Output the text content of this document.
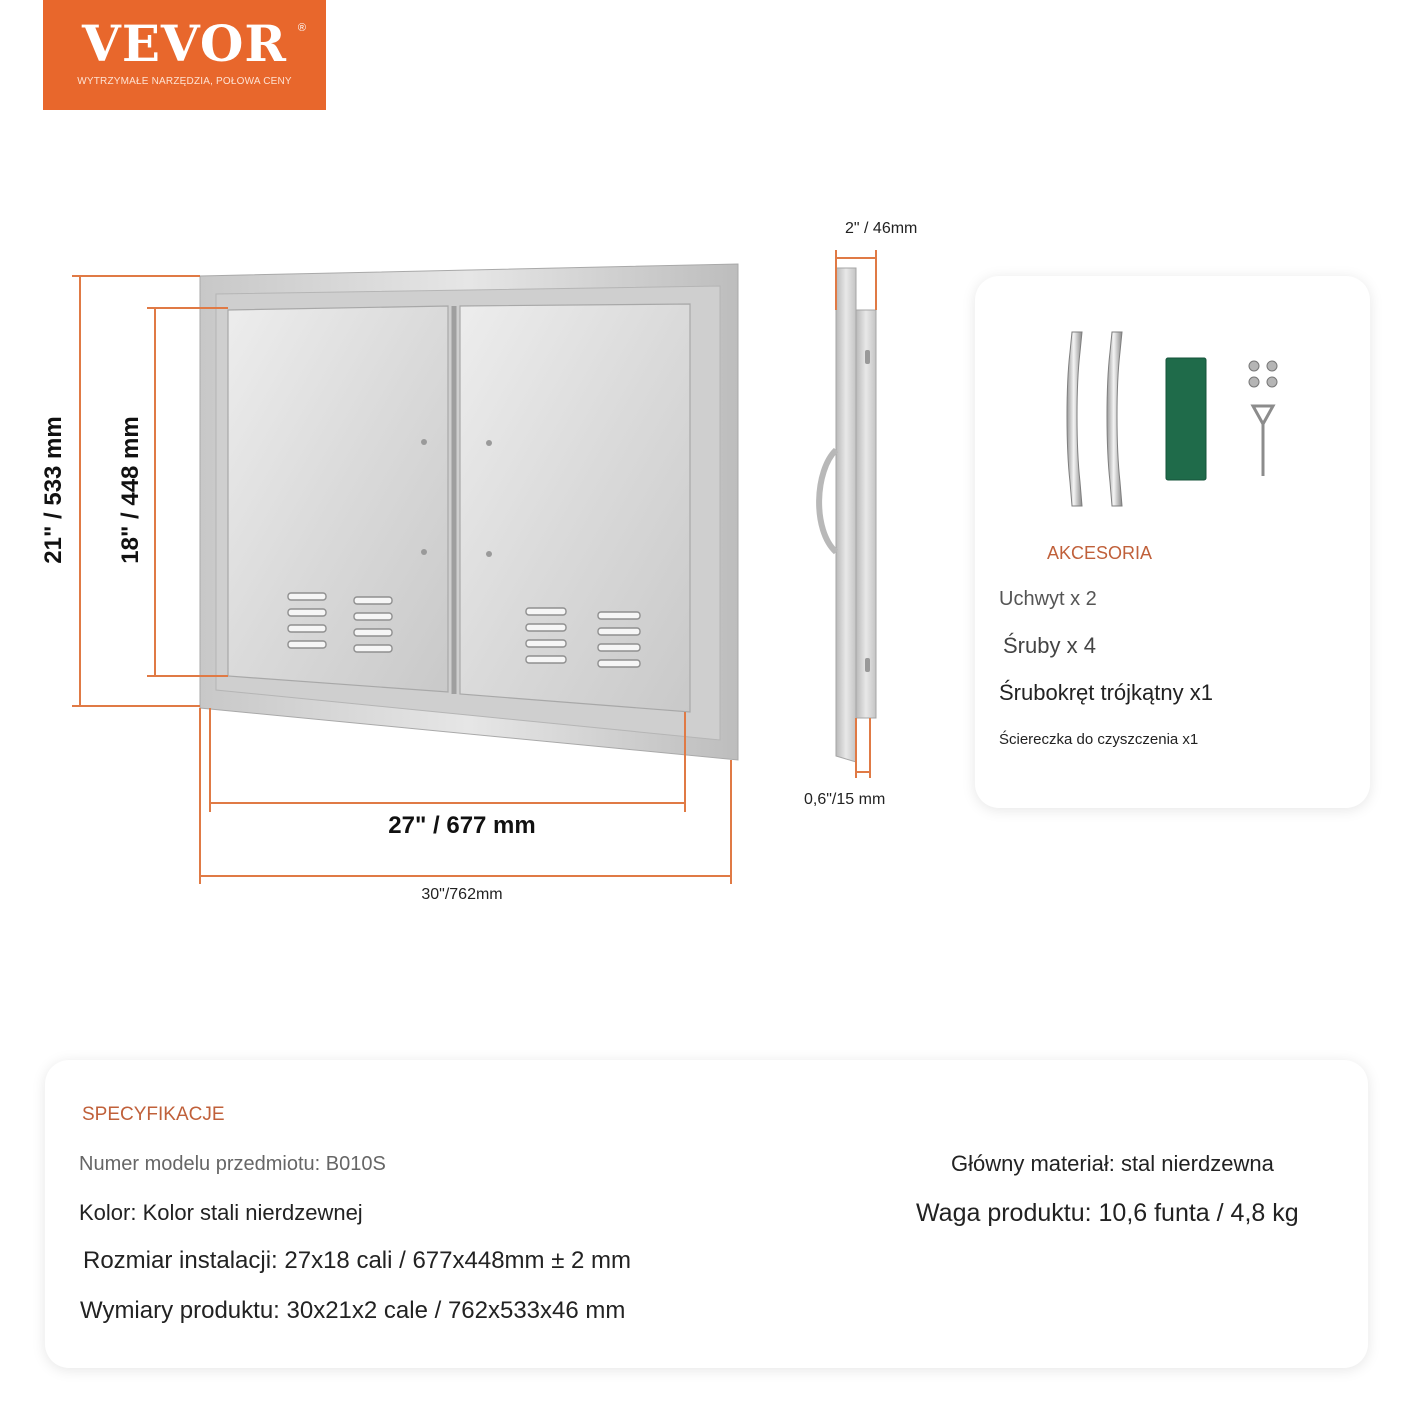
VEVOR ®
WYTRZYMAŁE NARZĘDZIA, POŁOWA CENY
21" / 533 mm 18" / 448 mm
27" / 677 mm
30"/762mm
2" / 46mm
0,6"/15 mm
AKCESORIA
Uchwyt x 2
Śruby x 4
Śrubokręt trójkątny x1
Ściereczka do czyszczenia x1
SPECYFIKACJE
Numer modelu przedmiotu: B010S
Kolor: Kolor stali nierdzewnej
Rozmiar instalacji: 27x18 cali / 677x448mm ± 2 mm
Wymiary produktu: 30x21x2 cale / 762x533x46 mm
Główny materiał: stal nierdzewna
Waga produktu: 10,6 funta / 4,8 kg
